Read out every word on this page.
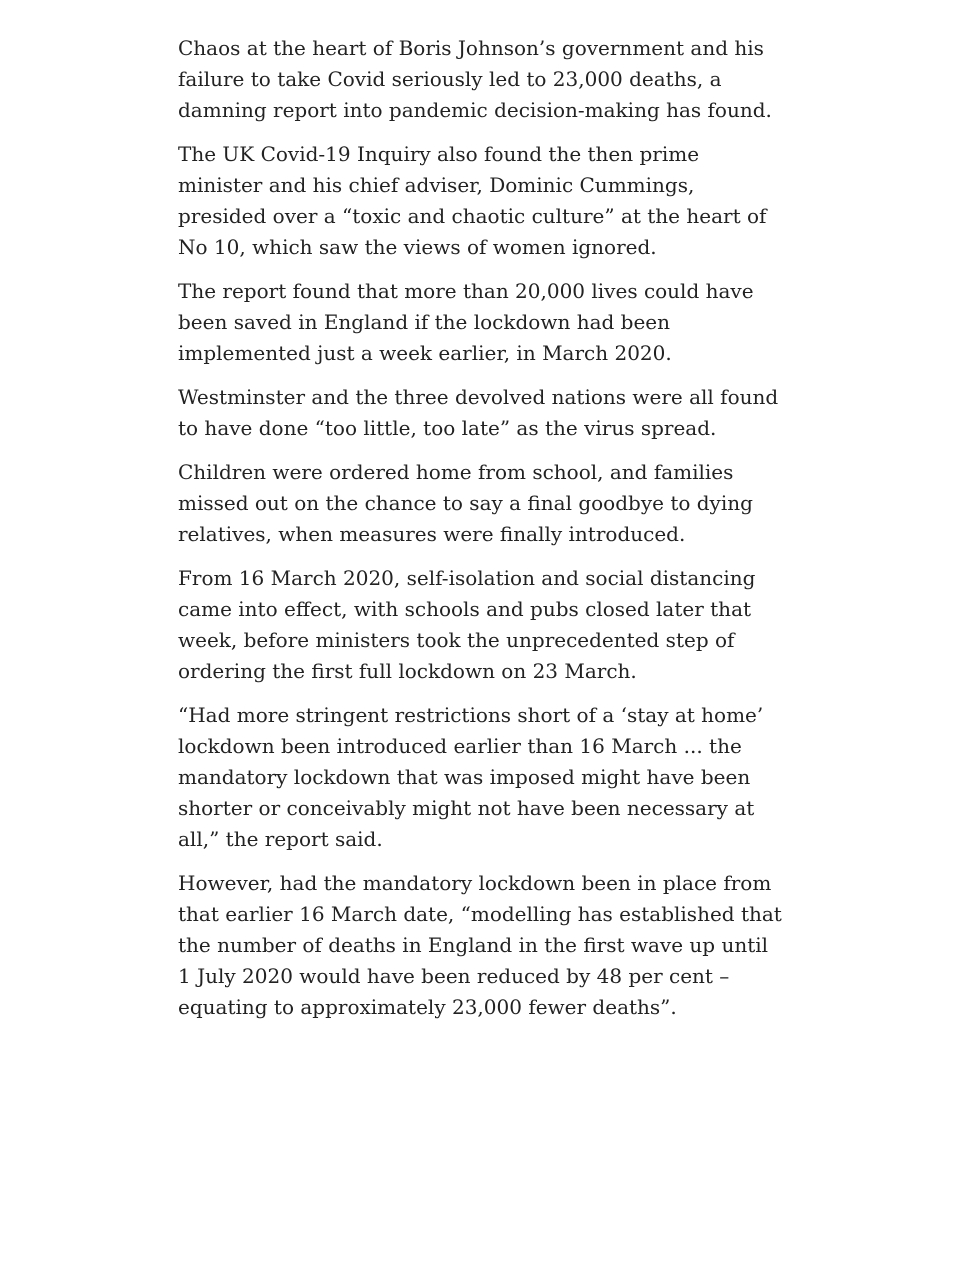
Chaos at the heart of Boris Johnson’s government and his failure to take Covid seriously led to 23,000 deaths, a damning report into pandemic decision-making has found.

The UK Covid-19 Inquiry also found the then prime minister and his chief adviser, Dominic Cummings, presided over a “toxic and chaotic culture” at the heart of No 10, which saw the views of women ignored.

The report found that more than 20,000 lives could have been saved in England if the lockdown had been implemented just a week earlier, in March 2020.

Westminster and the three devolved nations were all found to have done “too little, too late” as the virus spread.

Children were ordered home from school, and families missed out on the chance to say a final goodbye to dying relatives, when measures were finally introduced.

From 16 March 2020, self-isolation and social distancing came into effect, with schools and pubs closed later that week, before ministers took the unprecedented step of ordering the first full lockdown on 23 March.

“Had more stringent restrictions short of a ‘stay at home’ lockdown been introduced earlier than 16 March ... the mandatory lockdown that was imposed might have been shorter or conceivably might not have been necessary at all,” the report said.

However, had the mandatory lockdown been in place from that earlier 16 March date, “modelling has established that the number of deaths in England in the first wave up until 1 July 2020 would have been reduced by 48 per cent – equating to approximately 23,000 fewer deaths”.
